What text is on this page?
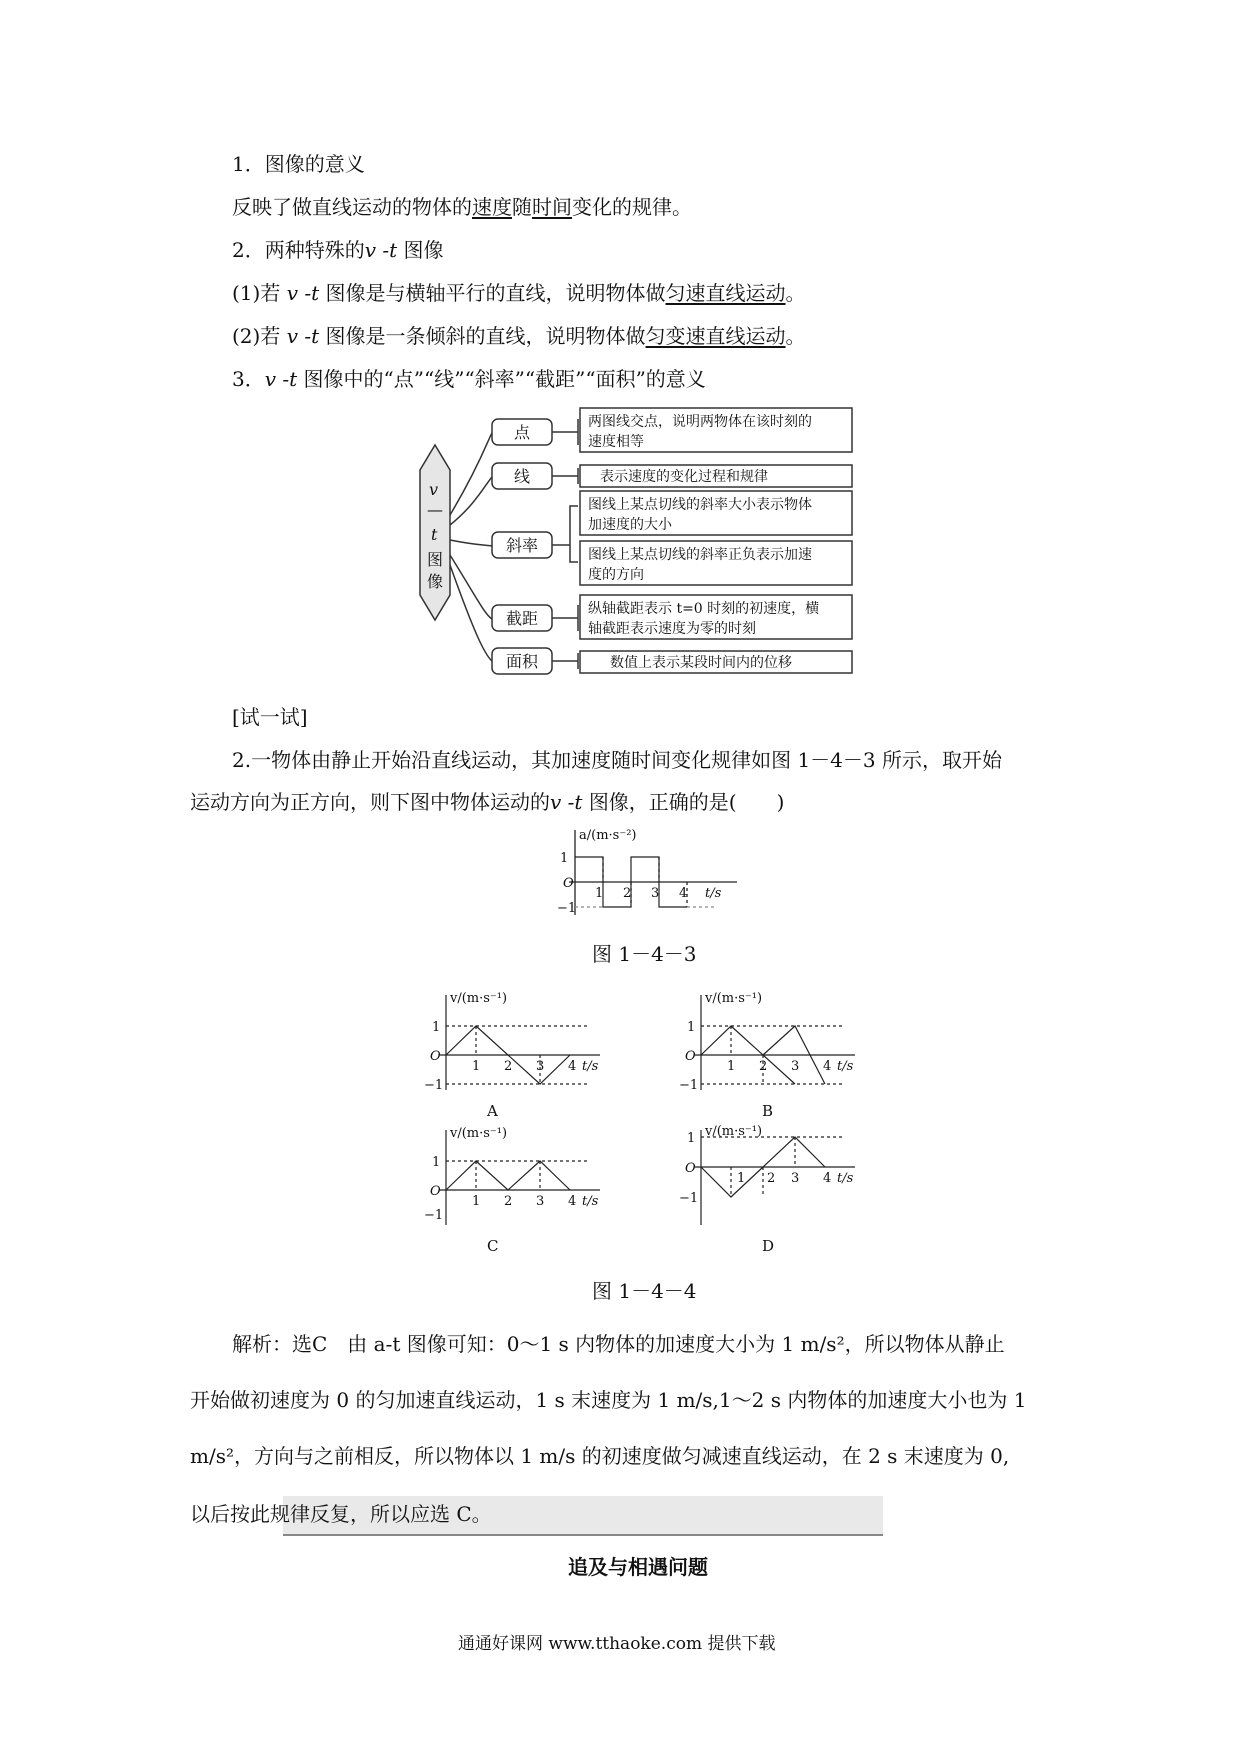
1．图像的意义
反映了做直线运动的物体的速度随时间变化的规律。
2．两种特殊的v -t 图像
(1)若 v -t 图像是与横轴平行的直线，说明物体做匀速直线运动。
(2)若 v -t 图像是一条倾斜的直线，说明物体做匀变速直线运动。
3．v -t 图像中的“点”“线”“斜率”“截距”“面积”的意义
v
—
t
图
像
点
线
斜率
截距
面积
两图线交点，说明两物体在该时刻的
速度相等
表示速度的变化过程和规律
图线上某点切线的斜率大小表示物体
加速度的大小
图线上某点切线的斜率正负表示加速
度的方向
纵轴截距表示 t=0 时刻的初速度，横
轴截距表示速度为零的时刻
数值上表示某段时间内的位移
[试一试]
2.一物体由静止开始沿直线运动，其加速度随时间变化规律如图 1－4－3 所示，取开始
运动方向为正方向，则下图中物体运动的v -t 图像，正确的是(　　)
a/(m·s⁻²)
1
O
−1
1 2 3 4 t/s
图 1－4－3
v/(m·s⁻¹)
1
O
−1
1 2 3 4 t/s
A
v/(m·s⁻¹)
1
O
−1
1 2 3 4 t/s
B
v/(m·s⁻¹)
1
O
−1
1 2 3 4 t/s
C
v/(m·s⁻¹)
1
O
−1
1 2 3 4 t/s
D
图 1－4－4
解析：选C　由 a-t 图像可知：0～1 s 内物体的加速度大小为 1 m/s²，所以物体从静止
开始做初速度为 0 的匀加速直线运动，1 s 末速度为 1 m/s,1～2 s 内物体的加速度大小也为 1
m/s²，方向与之前相反，所以物体以 1 m/s 的初速度做匀减速直线运动，在 2 s 末速度为 0,
以后按此规律反复，所以应选 C。
追及与相遇问题
通通好课网 www.tthaoke.com 提供下载
